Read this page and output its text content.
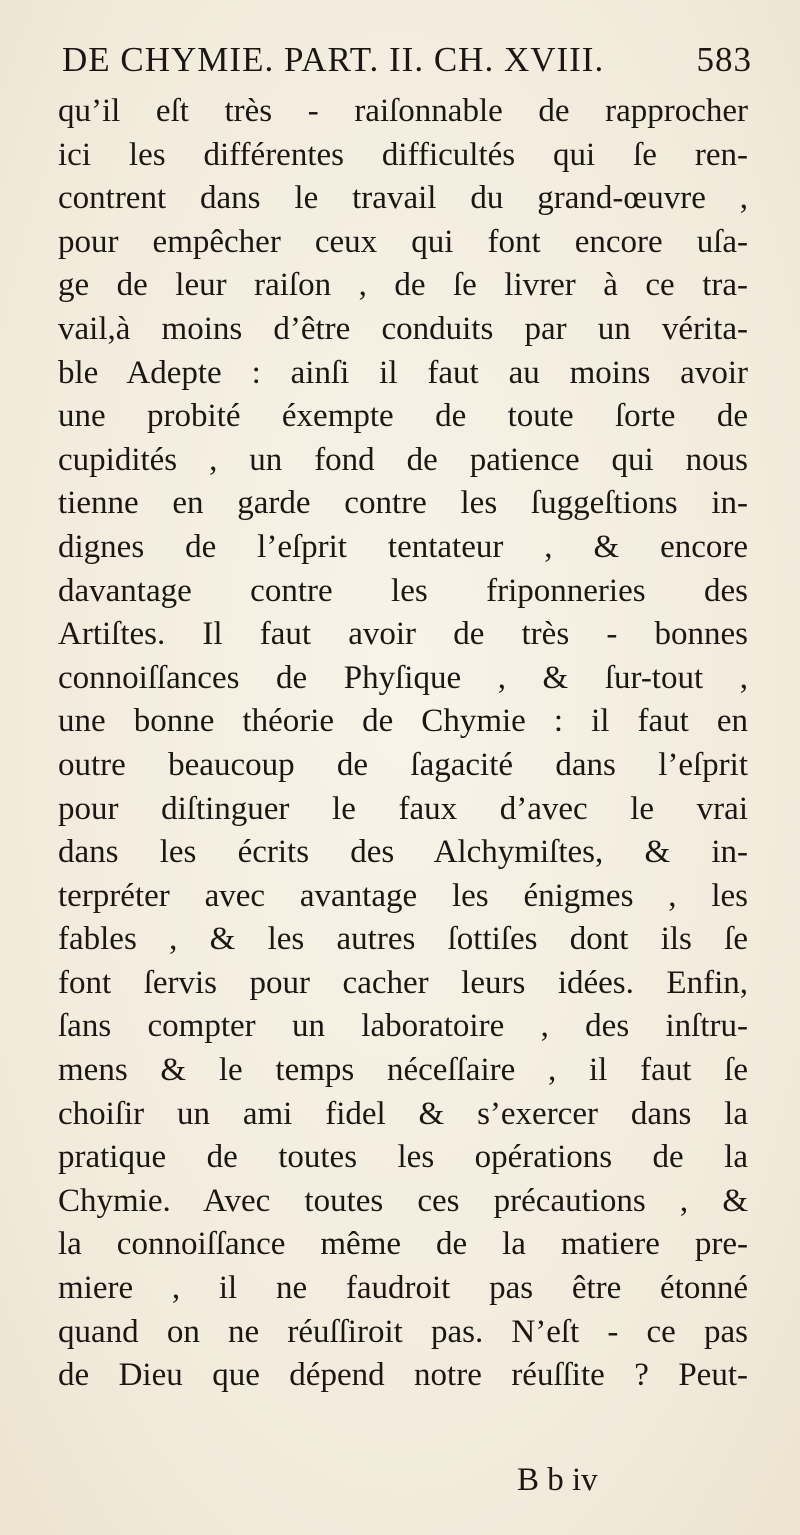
DE CHYMIE. PART. II. CH. XVIII.	583
qu’il eſt très - raiſonnable de rapprocher
ici les différentes difficultés qui ſe ren-
contrent dans le travail du grand-œuvre ,
pour empêcher ceux qui font encore uſa-
ge de leur raiſon , de ſe livrer à ce tra-
vail,à moins d’être conduits par un vérita-
ble Adepte : ainſi il faut au moins avoir
une probité éxempte de toute ſorte de
cupidités , un fond de patience qui nous
tienne en garde contre les ſuggeſtions in-
dignes de l’eſprit tentateur , & encore
davantage contre les friponneries des
Artiſtes. Il faut avoir de très - bonnes
connoiſſances de Phyſique , & ſur-tout ,
une bonne théorie de Chymie : il faut en
outre beaucoup de ſagacité dans l’eſprit
pour diſtinguer le faux d’avec le vrai
dans les écrits des Alchymiſtes, & in-
terpréter avec avantage les énigmes , les
fables , & les autres ſottiſes dont ils ſe
font ſervis pour cacher leurs idées. Enfin,
ſans compter un laboratoire , des inſtru-
mens & le temps néceſſaire , il faut ſe
choiſir un ami fidel & s’exercer dans la
pratique de toutes les opérations de la
Chymie. Avec toutes ces précautions , &
la connoiſſance même de la matiere pre-
miere , il ne faudroit pas être étonné
quand on ne réuſſiroit pas. N’eſt - ce pas
de Dieu que dépend notre réuſſite ? Peut-
B b iv
